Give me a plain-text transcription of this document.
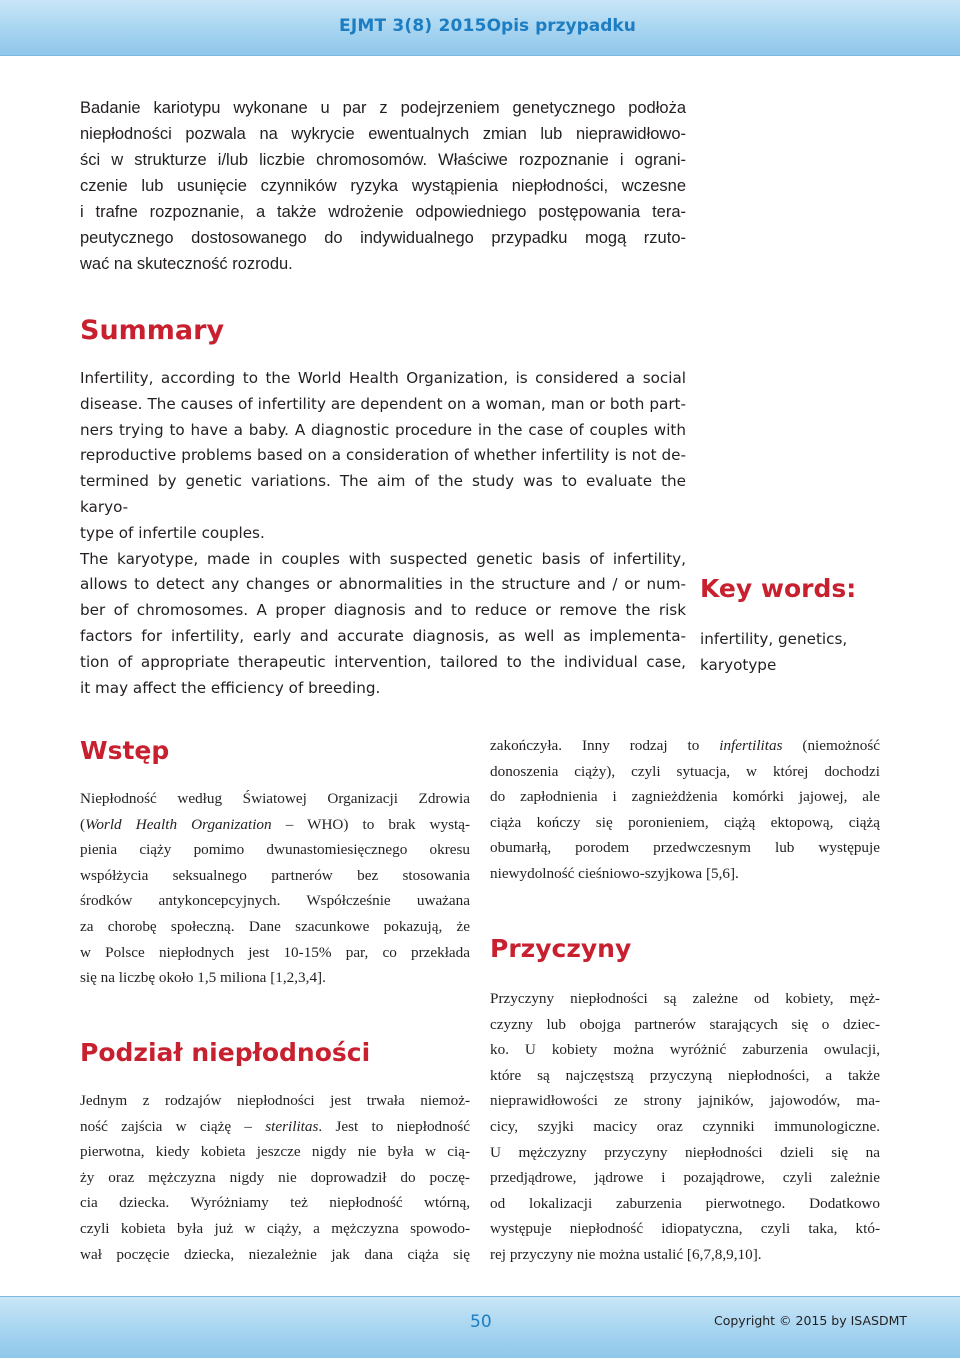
EJMT 3(8) 2015Opis przypadku
Badanie kariotypu wykonane u par z podejrzeniem genetycznego podłoża
niepłodności pozwala na wykrycie ewentualnych zmian lub nieprawidłowo-
ści w strukturze i/lub liczbie chromosomów. Właściwe rozpoznanie i ograni-
czenie lub usunięcie czynników ryzyka wystąpienia niepłodności, wczesne
i trafne rozpoznanie, a także wdrożenie odpowiedniego postępowania tera-
peutycznego dostosowanego do indywidualnego przypadku mogą rzuto-
wać na skuteczność rozrodu.
Summary
Infertility, according to the World Health Organization, is considered a social
disease. The causes of infertility are dependent on a woman, man or both part-
ners trying to have a baby. A diagnostic procedure in the case of couples with
reproductive problems based on a consideration of whether infertility is not de-
termined by genetic variations. The aim of the study was to evaluate the karyo-
type of infertile couples.
The karyotype, made in couples with suspected genetic basis of infertility,
allows to detect any changes or abnormalities in the structure and / or num-
ber of chromosomes. A proper diagnosis and to reduce or remove the risk
factors for infertility, early and accurate diagnosis, as well as implementa-
tion of appropriate therapeutic intervention, tailored to the individual case,
it may affect the efficiency of breeding.
Key words:
infertility, genetics,
karyotype
Wstęp
Niepłodność według Światowej Organizacji Zdrowia
(World Health Organization – WHO) to brak wystą-
pienia ciąży pomimo dwunastomiesięcznego okresu
współżycia seksualnego partnerów bez stosowania
środków antykoncepcyjnych. Współcześnie uważana
za chorobę społeczną. Dane szacunkowe pokazują, że
w Polsce niepłodnych jest 10-15% par, co przekłada
się na liczbę około 1,5 miliona [1,2,3,4].
Podział niepłodności
Jednym z rodzajów niepłodności jest trwała niemoż-
ność zajścia w ciążę – sterilitas. Jest to niepłodność
pierwotna, kiedy kobieta jeszcze nigdy nie była w cią-
ży oraz mężczyzna nigdy nie doprowadził do poczę-
cia dziecka. Wyróżniamy też niepłodność wtórną,
czyli kobieta była już w ciąży, a mężczyzna spowodo-
wał poczęcie dziecka, niezależnie jak dana ciąża się
zakończyła. Inny rodzaj to infertilitas (niemożność
donoszenia ciąży), czyli sytuacja, w której dochodzi
do zapłodnienia i zagnieżdżenia komórki jajowej, ale
ciąża kończy się poronieniem, ciążą ektopową, ciążą
obumarłą, porodem przedwczesnym lub występuje
niewydolność cieśniowo-szyjkowa [5,6].
Przyczyny
Przyczyny niepłodności są zależne od kobiety, męż-
czyzny lub obojga partnerów starających się o dziec-
ko. U kobiety można wyróżnić zaburzenia owulacji,
które są najczęstszą przyczyną niepłodności, a także
nieprawidłowości ze strony jajników, jajowodów, ma-
cicy, szyjki macicy oraz czynniki immunologiczne.
U mężczyzny przyczyny niepłodności dzieli się na
przedjądrowe, jądrowe i pozajądrowe, czyli zależnie
od lokalizacji zaburzenia pierwotnego. Dodatkowo
występuje niepłodność idiopatyczna, czyli taka, któ-
rej przyczyny nie można ustalić [6,7,8,9,10].
50	Copyright © 2015 by ISASDMT
